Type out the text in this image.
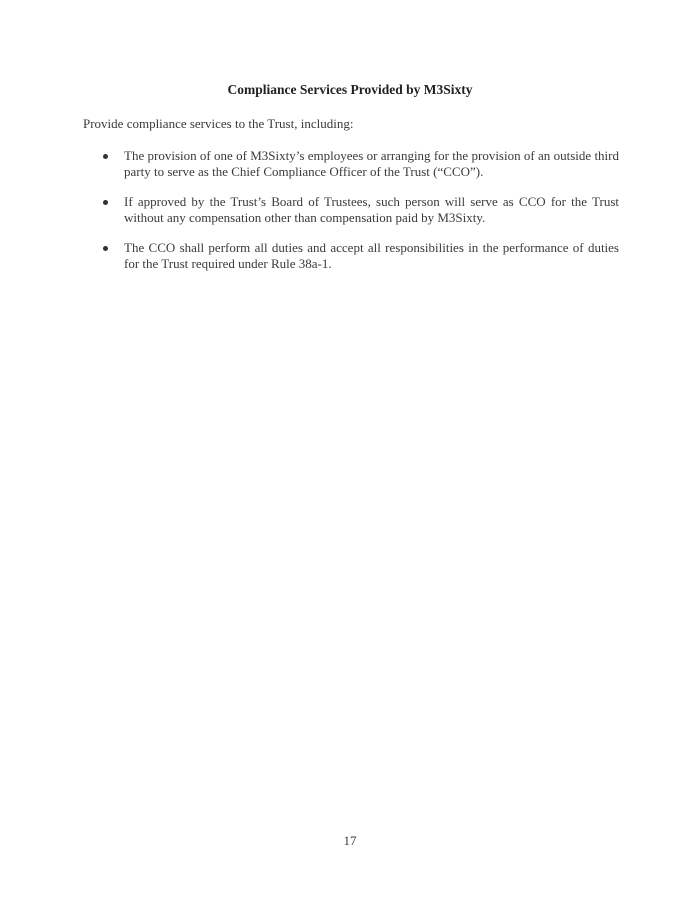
Compliance Services Provided by M3Sixty

Provide compliance services to the Trust, including:

The provision of one of M3Sixty’s employees or arranging for the provision of an outside third party to serve as the Chief Compliance Officer of the Trust (“CCO”).
If approved by the Trust’s Board of Trustees, such person will serve as CCO for the Trust without any compensation other than compensation paid by M3Sixty.
The CCO shall perform all duties and accept all responsibilities in the performance of duties for the Trust required under Rule 38a-1.

17
